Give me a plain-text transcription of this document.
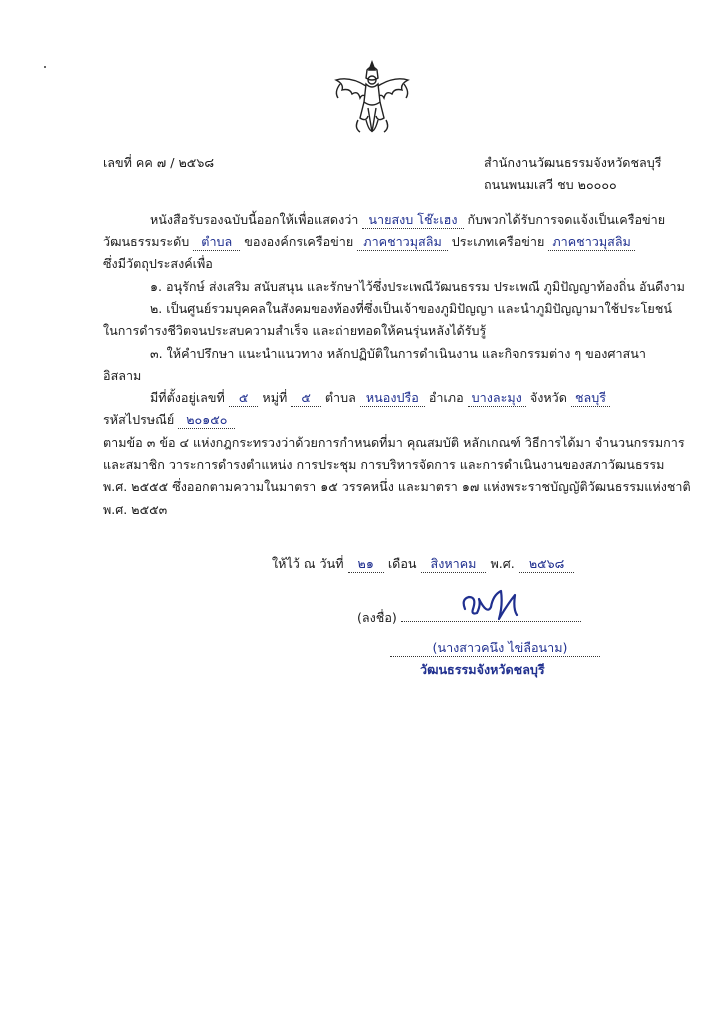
เลขที่ คค ๗ / ๒๕๖๘	สำนักงานวัฒนธรรมจังหวัดชลบุรี
ถนนพนมเสวี ชบ ๒๐๐๐๐
หนังสือรับรองฉบับนี้ออกให้เพื่อแสดงว่า นายสงบ โช๊ะเฮง กับพวกได้รับการจดแจ้งเป็นเครือข่าย
วัฒนธรรมระดับ ตำบล ขององค์กรเครือข่าย ภาคชาวมุสลิม ประเภทเครือข่าย ภาคชาวมุสลิม
ซึ่งมีวัตถุประสงค์เพื่อ
๑. อนุรักษ์ ส่งเสริม สนับสนุน และรักษาไว้ซึ่งประเพณีวัฒนธรรม ประเพณี ภูมิปัญญาท้องถิ่น อันดีงาม
๒. เป็นศูนย์รวมบุคคลในสังคมของท้องที่ซึ่งเป็นเจ้าของภูมิปัญญา และนำภูมิปัญญามาใช้ประโยชน์
ในการดำรงชีวิตจนประสบความสำเร็จ และถ่ายทอดให้คนรุ่นหลังได้รับรู้
๓. ให้คำปรึกษา แนะนำแนวทาง หลักปฏิบัติในการดำเนินงาน และกิจกรรมต่าง ๆ ของศาสนา
อิสลาม
มีที่ตั้งอยู่เลขที่ ๕ หมู่ที่ ๕ ตำบล หนองปรือ อำเภอ บางละมุง จังหวัด ชลบุรี
รหัสไปรษณีย์ ๒๐๑๕๐
ตามข้อ ๓ ข้อ ๔ แห่งกฎกระทรวงว่าด้วยการกำหนดที่มา คุณสมบัติ หลักเกณฑ์ วิธีการได้มา จำนวนกรรมการ
และสมาชิก วาระการดำรงตำแหน่ง การประชุม การบริหารจัดการ และการดำเนินงานของสภาวัฒนธรรม
พ.ศ. ๒๕๕๕ ซึ่งออกตามความในมาตรา ๑๕ วรรคหนึ่ง และมาตรา ๑๗ แห่งพระราชบัญญัติวัฒนธรรมแห่งชาติ
พ.ศ. ๒๕๕๓
ให้ไว้ ณ วันที่ ๒๑ เดือน สิงหาคม พ.ศ. ๒๕๖๘
(ลงชื่อ)
(นางสาวคนึง ไข่ลือนาม)
วัฒนธรรมจังหวัดชลบุรี
